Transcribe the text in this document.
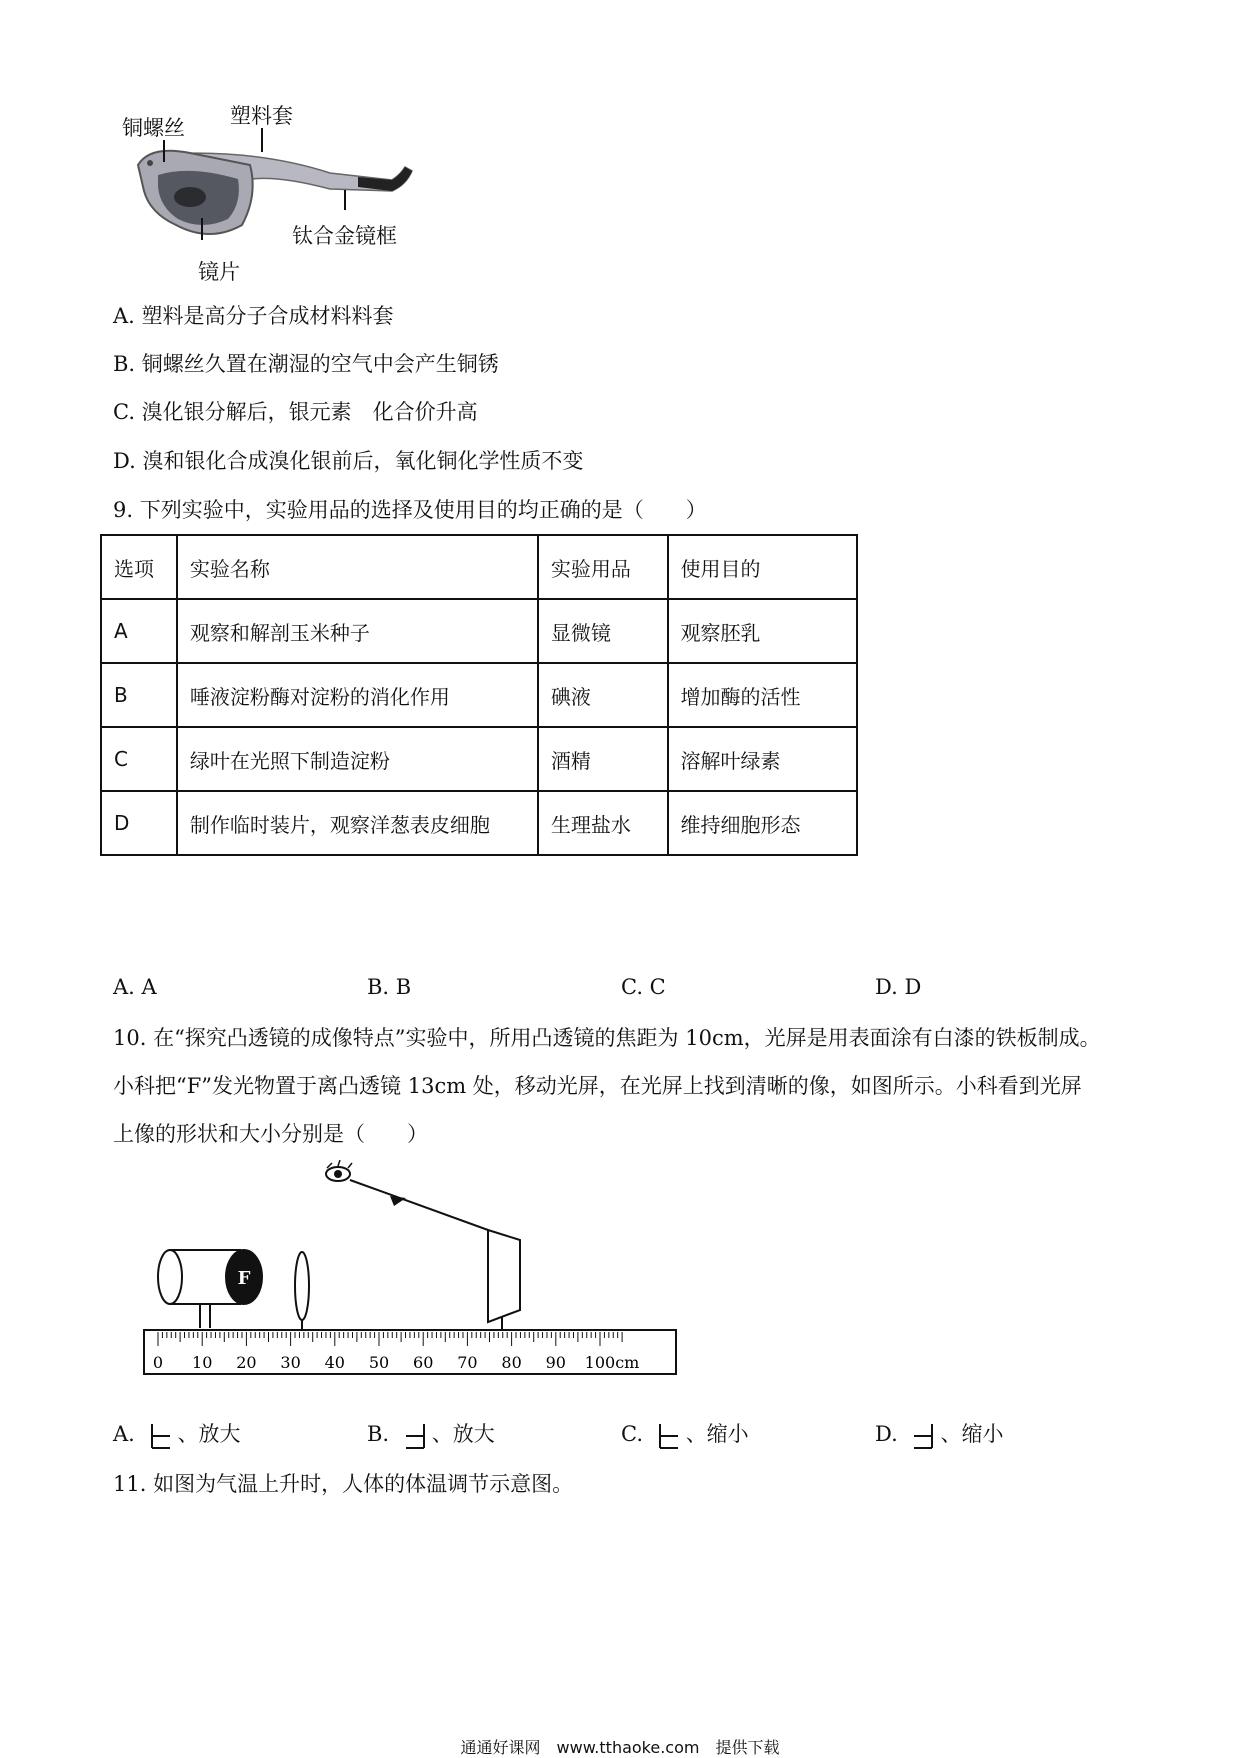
铜螺丝 塑料套
钛合金镜框
镜片
A. 塑料是高分子合成材料料套
B. 铜螺丝久置在潮湿的空气中会产生铜锈
C. 溴化银分解后，银元素　化合价升高
D. 溴和银化合成溴化银前后，氧化铜化学性质不变
9. 下列实验中，实验用品的选择及使用目的均正确的是（　　）
选项	实验名称	实验用品	使用目的
A	观察和解剖玉米种子	显微镜	观察胚乳
B	唾液淀粉酶对淀粉的消化作用	碘液	增加酶的活性
C	绿叶在光照下制造淀粉	酒精	溶解叶绿素
D	制作临时装片，观察洋葱表皮细胞	生理盐水	维持细胞形态
A. A	B. B	C. C	D. D
10. 在“探究凸透镜的成像特点”实验中，所用凸透镜的焦距为 10cm，光屏是用表面涂有白漆的铁板制成。
小科把“F”发光物置于离凸透镜 13cm 处，移动光屏，在光屏上找到清晰的像，如图所示。小科看到光屏
上像的形状和大小分别是（　　）
F
0 10 20 30 40 50 60 70 80 90 100cm
A. 、放大	B. 、放大	C. 、缩小	D. 、缩小
11. 如图为气温上升时，人体的体温调节示意图。
通通好课网　www.tthaoke.com　提供下载
